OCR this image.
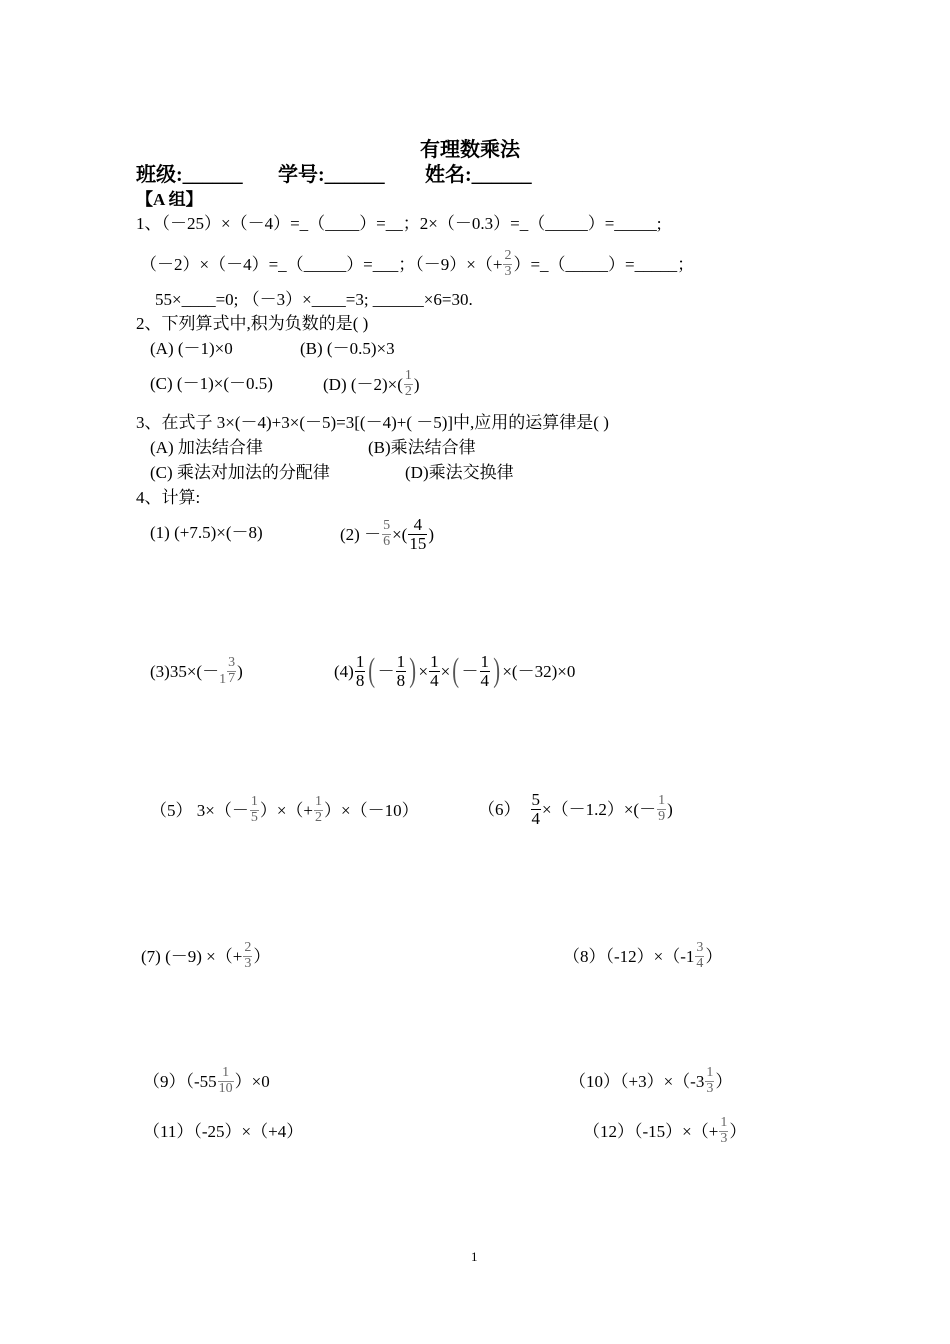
有理数乘法
班级:______ 学号:______ 姓名:______
【A 组】
1、（－25）×（－4）=_（____）=__；2×（－0.3）=_（_____）=_____;
（－2）×（－4）=_（ _____ ）=___；$(-9)\times(+ \frac{2}{3}$ ）=_（ _____ ）=_____；
55×____=0; （－3）×____=3; ______×6=30.
2、下列算式中,积为负数的是( )
(A) (－1)×0	(B) (－0.5)×3
(C) (－1)×(－0.5)	(D) $(-2)\times( \frac{1}{2}$ )
3、在式子 3×(－4)+3×(－5)=3[(－4)+( －5)]中,应用的运算律是( )
(A) 加法结合律	(B)乘法结合律
(C) 乘法对加法的分配律	(D)乘法交换律
4、计算:
(1) (+7.5)×(－8)	$(2) - \frac{5}{6}$ ×( $\frac{4}{15}$ )
$(3)35\times(- 1 \frac{3}{7}$ )	$(4) \frac{1}{8}$ ( － $\frac{1}{8}$ ) × $\frac{1}{4}$ × ( － $\frac{1}{4}$ ) ×(－32)×0
（5） $3\times(- \frac{1}{5}$ ）×（+ $\frac{1}{2} )\times(-10)$	$(6) \frac{5}{4} \times(-1.2)\times(- \frac{1}{9}$ )
(7) (－9) ×（+ $\frac{2}{3}$ ）	$(8)(-12)\times(-1 \frac{3}{4}$ ）
$(9)(-55 \frac{1}{10} )\times 0$	$(10)(+3)\times(-3 \frac{1}{3}$ ）
（11）（-25）×（+4）	$(12)(-15)\times(+ \frac{1}{3}$ ）
1
